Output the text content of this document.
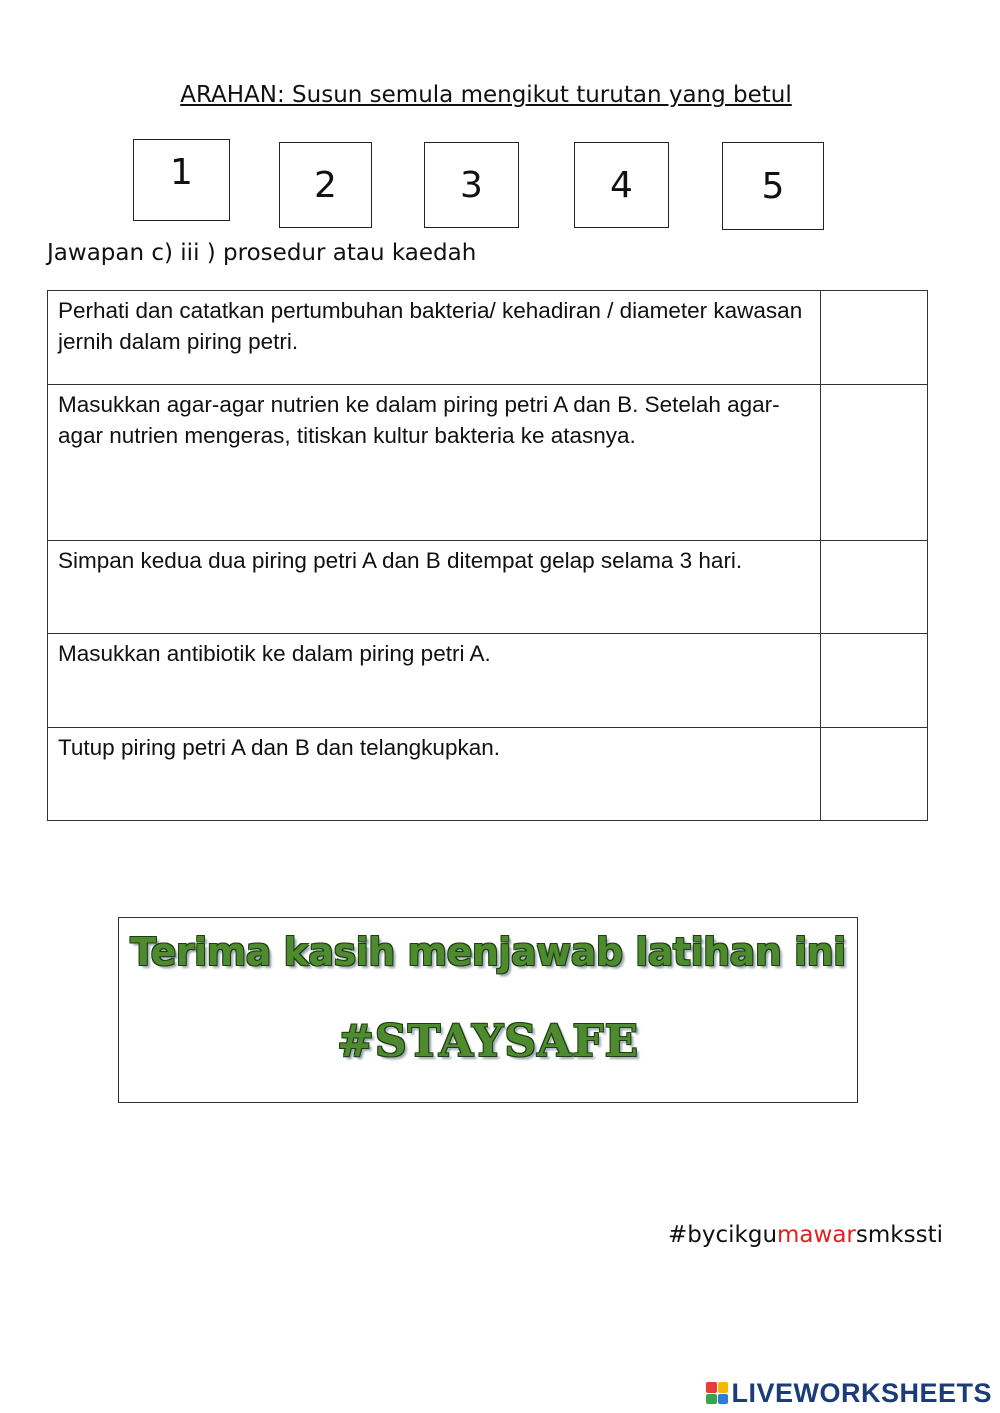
ARAHAN: Susun semula mengikut turutan yang betul
1	2	3	4	5
Jawapan c) iii ) prosedur atau kaedah
Perhati dan catatkan pertumbuhan bakteria/ kehadiran / diameter kawasan jernih dalam piring petri.	
Masukkan agar-agar nutrien ke dalam piring petri A dan B. Setelah agar-agar nutrien mengeras, titiskan kultur bakteria ke atasnya.	
Simpan kedua dua piring petri A dan B ditempat gelap selama 3 hari.	
Masukkan antibiotik ke dalam piring petri A.	
Tutup piring petri A dan B dan telangkupkan.	
Terima kasih menjawab latihan ini
#STAYSAFE
#bycikgumawarsmkssti
LIVEWORKSHEETS
